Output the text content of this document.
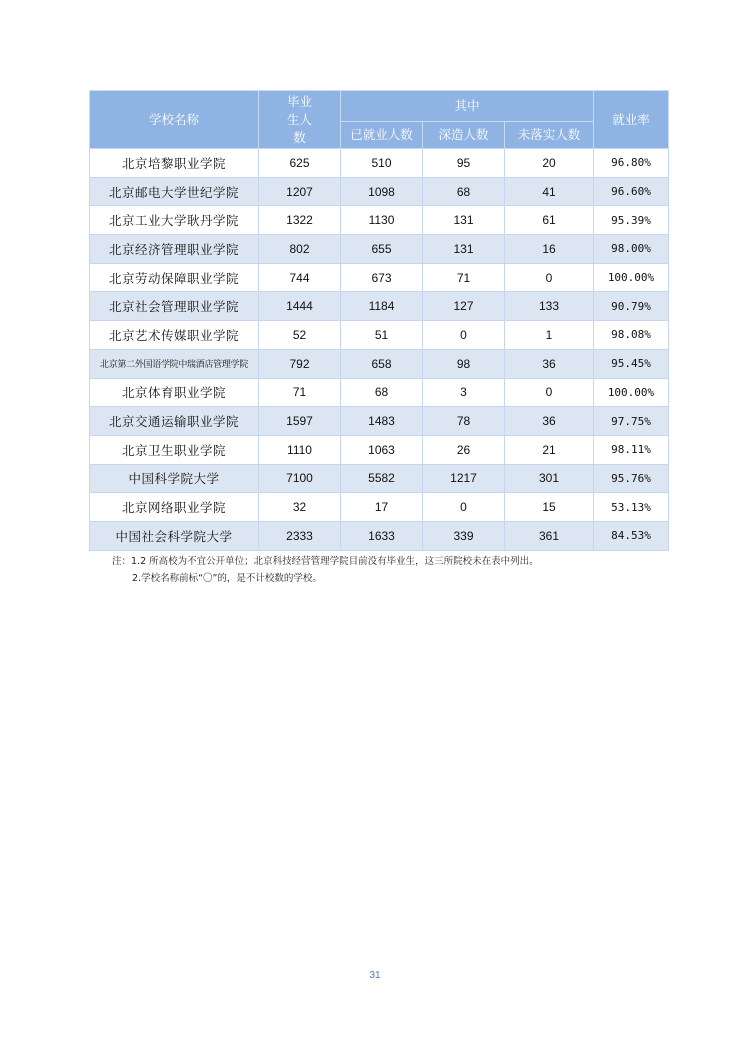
学校名称	毕业生人数	其中			就业率
		已就业人数	深造人数	未落实人数	
北京培黎职业学院	625	510	95	20	96.80%
北京邮电大学世纪学院	1207	1098	68	41	96.60%
北京工业大学耿丹学院	1322	1130	131	61	95.39%
北京经济管理职业学院	802	655	131	16	98.00%
北京劳动保障职业学院	744	673	71	0	100.00%
北京社会管理职业学院	1444	1184	127	133	90.79%
北京艺术传媒职业学院	52	51	0	1	98.08%
北京第二外国语学院中瑞酒店管理学院	792	658	98	36	95.45%
北京体育职业学院	71	68	3	0	100.00%
北京交通运输职业学院	1597	1483	78	36	97.75%
北京卫生职业学院	1110	1063	26	21	98.11%
中国科学院大学	7100	5582	1217	301	95.76%
北京网络职业学院	32	17	0	15	53.13%
中国社会科学院大学	2333	1633	339	361	84.53%
注：1.2 所高校为不宜公开单位；北京科技经营管理学院目前没有毕业生，这三所院校未在表中列出。
2.学校名称前标“〇”的，是不计校数的学校。
31
